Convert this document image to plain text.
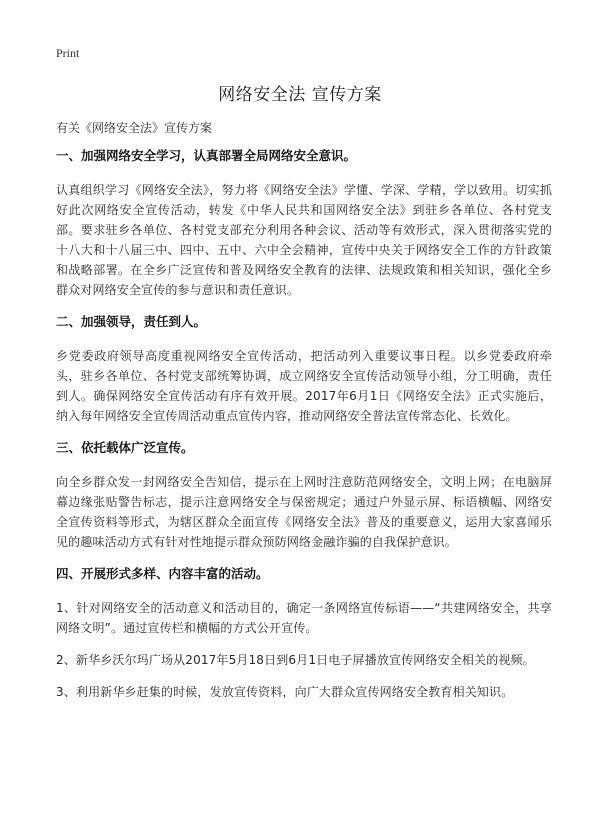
Print
网络安全法 宣传方案

有关《网络安全法》宣传方案

一、加强网络安全学习，认真部署全局网络安全意识。

认真组织学习《网络安全法》，努力将《网络安全法》学懂、学深、学精，学以致用。切实抓好此次网络安全宣传活动，转发《中华人民共和国网络安全法》到驻乡各单位、各村党支部。要求驻乡各单位、各村党支部充分利用各种会议、活动等有效形式，深入贯彻落实党的十八大和十八届三中、四中、五中、六中全会精神，宣传中央关于网络安全工作的方针政策和战略部署。在全乡广泛宣传和普及网络安全教育的法律、法规政策和相关知识，强化全乡群众对网络安全宣传的参与意识和责任意识。

二、加强领导，责任到人。

乡党委政府领导高度重视网络安全宣传活动，把活动列入重要议事日程。以乡党委政府牵头，驻乡各单位、各村党支部统筹协调，成立网络安全宣传活动领导小组，分工明确，责任到人。确保网络安全宣传活动有序有效开展。2017年6月1日《网络安全法》正式实施后，纳入每年网络安全宣传周活动重点宣传内容，推动网络安全普法宣传常态化、长效化。

三、依托载体广泛宣传。

向全乡群众发一封网络安全告知信，提示在上网时注意防范网络安全，文明上网；在电脑屏幕边缘张贴警告标志，提示注意网络安全与保密规定；通过户外显示屏、标语横幅、网络安全宣传资料等形式，为辖区群众全面宣传《网络安全法》普及的重要意义，运用大家喜闻乐见的趣味活动方式有针对性地提示群众预防网络金融诈骗的自我保护意识。

四、开展形式多样、内容丰富的活动。

1、针对网络安全的活动意义和活动目的，确定一条网络宣传标语——“共建网络安全，共享网络文明”。通过宣传栏和横幅的方式公开宣传。

2、新华乡沃尔玛广场从2017年5月18日到6月1日电子屏播放宣传网络安全相关的视频。

3、利用新华乡赶集的时候，发放宣传资料，向广大群众宣传网络安全教育相关知识。
